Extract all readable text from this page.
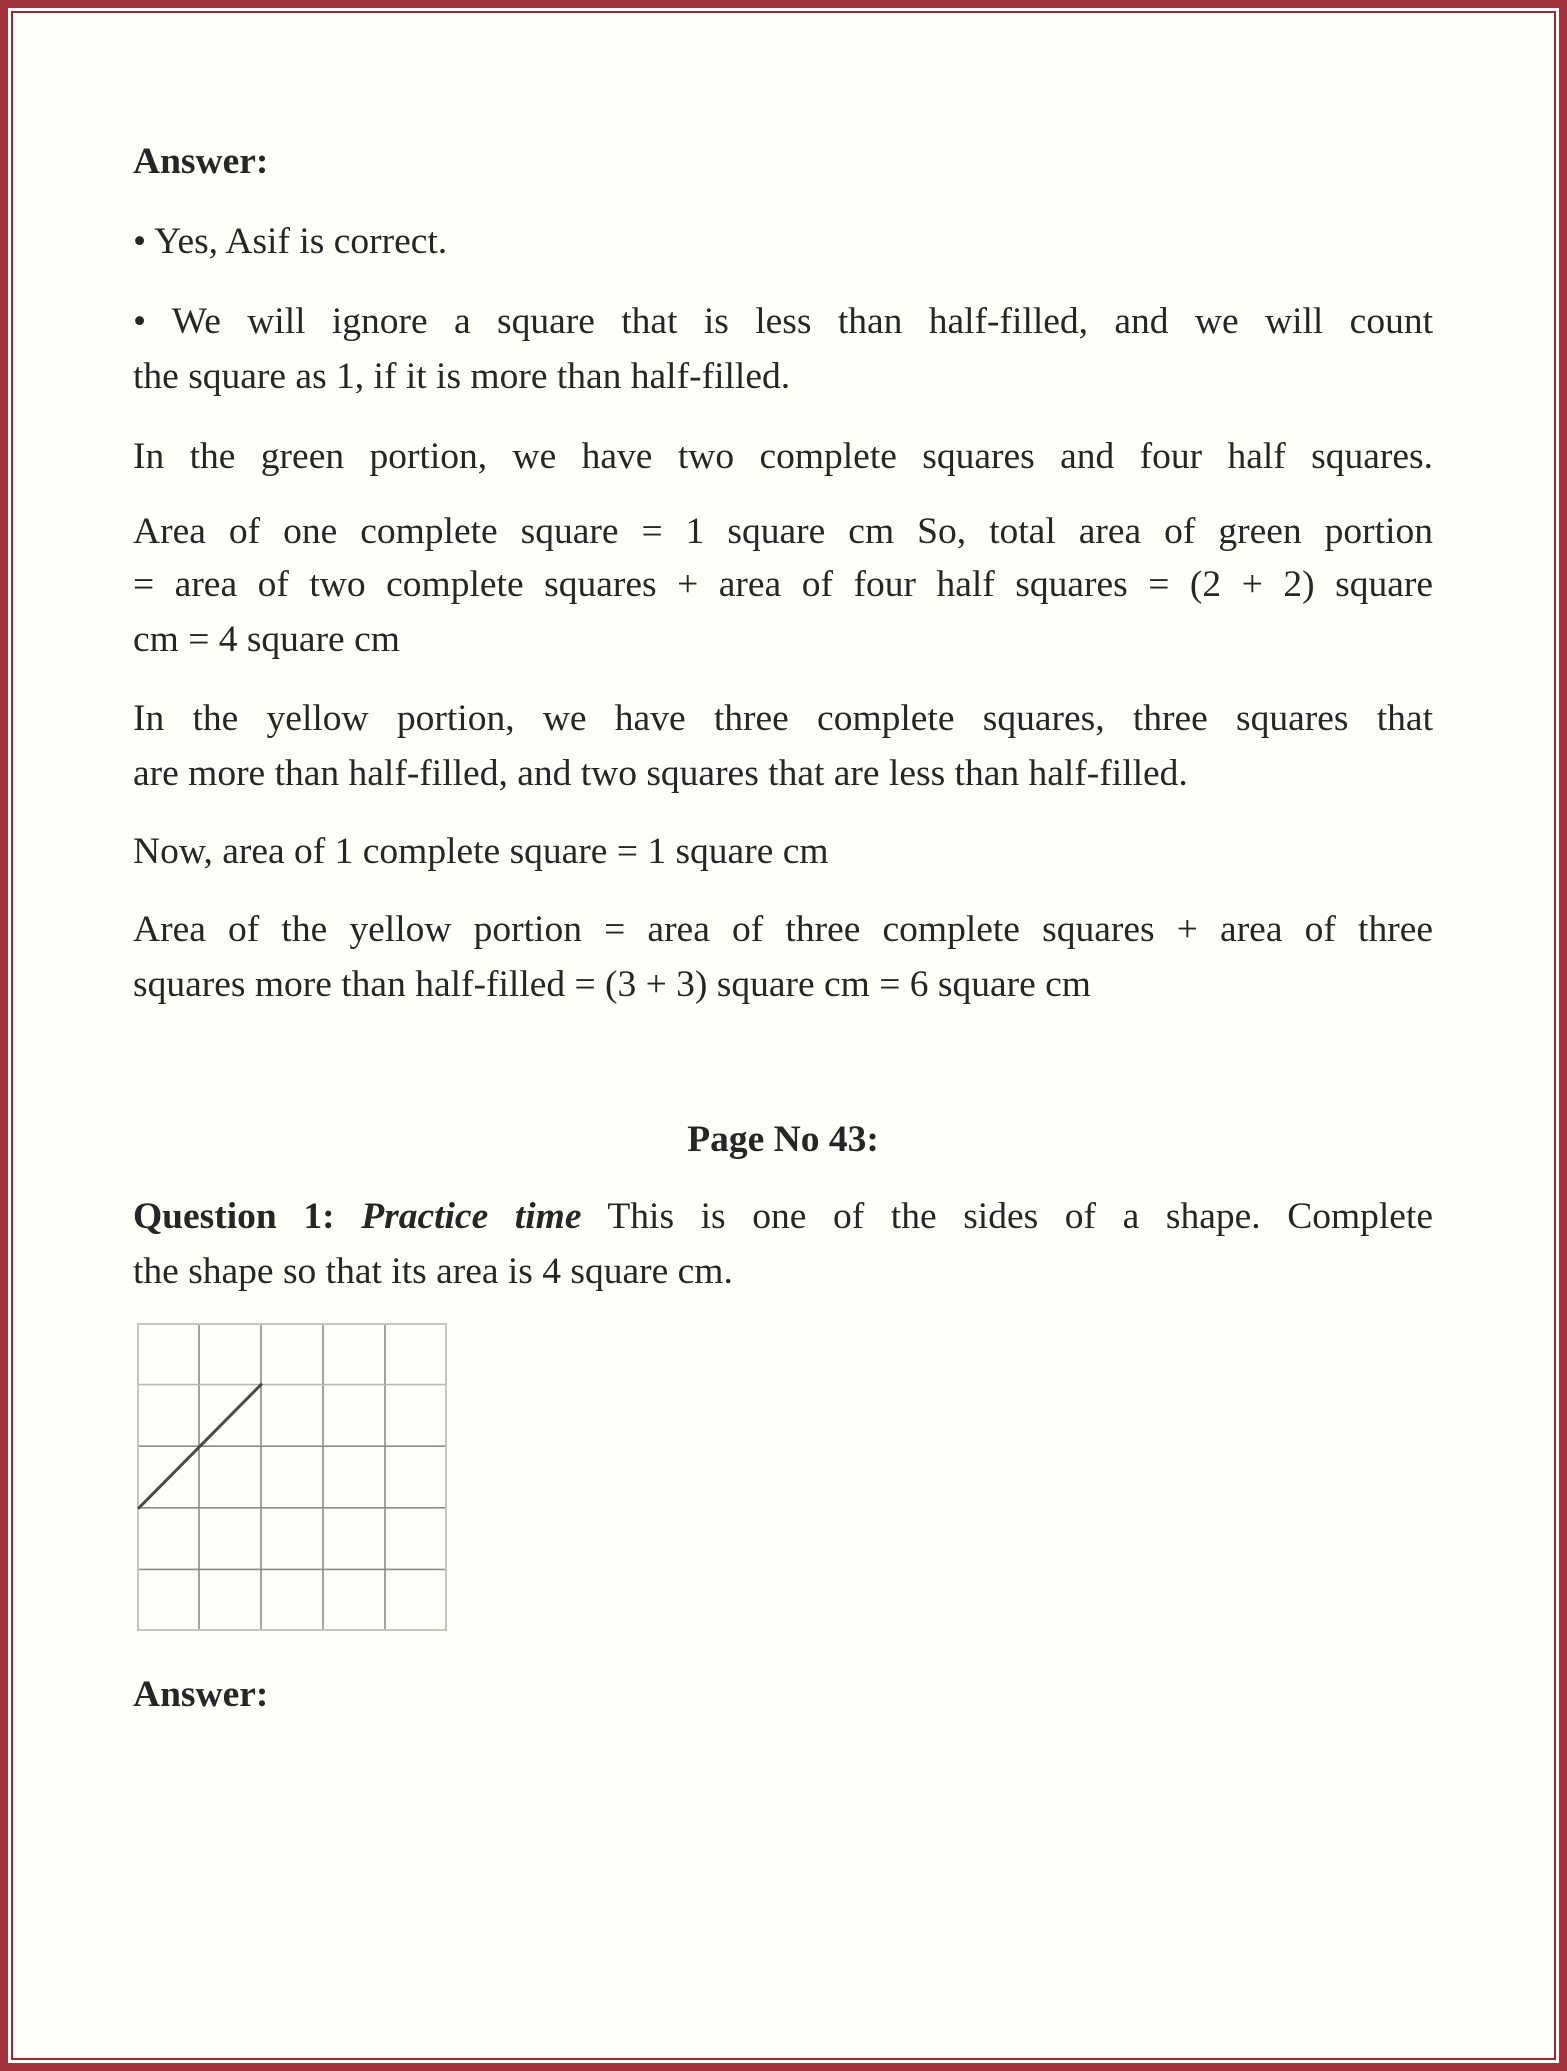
Answer:
• Yes, Asif is correct.
• We will ignore a square that is less than half-filled, and we will count
the square as 1, if it is more than half-filled.
In the green portion, we have two complete squares and four half squares.
Area of one complete square = 1 square cm So, total area of green portion
= area of two complete squares + area of four half squares = (2 + 2) square
cm = 4 square cm
In the yellow portion, we have three complete squares, three squares that
are more than half-filled, and two squares that are less than half-filled.
Now, area of 1 complete square = 1 square cm
Area of the yellow portion = area of three complete squares + area of three
squares more than half-filled = (3 + 3) square cm = 6 square cm
Page No 43:
Question 1: Practice time This is one of the sides of a shape. Complete
the shape so that its area is 4 square cm.
Answer:
